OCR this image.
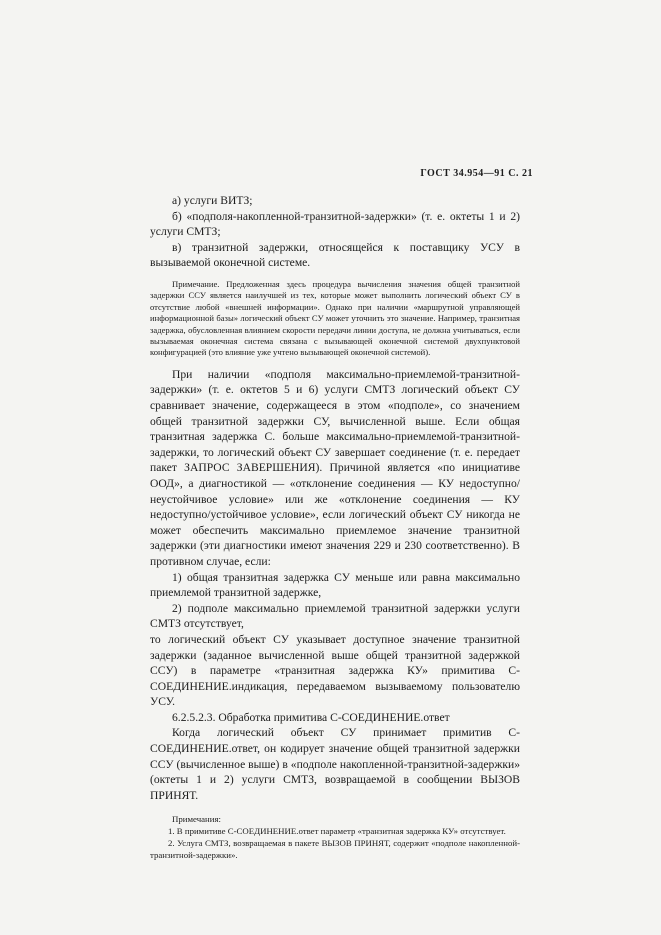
ГОСТ 34.954—91 С. 21

а) услуги ВИТЗ;

б) «подполя-накопленной-транзитной-задержки» (т. е. октеты 1 и 2) услуги СМТЗ;

в) транзитной задержки, относящейся к поставщику УСУ в вызываемой оконечной системе.

Примечание. Предложенная здесь процедура вычисления значения общей транзитной задержки ССУ является наилучшей из тех, которые может выполнить логический объект СУ в отсутствие любой «внешней информации». Однако при наличии «маршрутной управляющей информационной базы» логический объект СУ может уточнить это значение. Например, транзитная задержка, обусловленная влиянием скорости передачи линии доступа, не должна учитываться, если вызываемая оконечная система связана с вызывающей оконечной системой двухпунктовой конфигурацией (это влияние уже учтено вызывающей оконечной системой).

При наличии «подполя максимально-приемлемой-транзитной-задержки» (т. е. октетов 5 и 6) услуги СМТЗ логический объект СУ сравнивает значение, содержащееся в этом «подполе», со значением общей транзитной задержки СУ, вычисленной выше. Если общая транзитная задержка С. больше максимально-приемлемой-транзитной-задержки, то логический объект СУ завершает соединение (т. е. передает пакет ЗАПРОС ЗАВЕРШЕНИЯ). Причиной является «по инициативе ООД», а диагностикой — «отклонение соединения — КУ недоступно/неустойчивое условие» или же «отклонение соединения — КУ недоступно/устойчивое условие», если логический объект СУ никогда не может обеспечить максимально приемлемое значение транзитной задержки (эти диагностики имеют значения 229 и 230 соответственно). В противном случае, если:

1) общая транзитная задержка СУ меньше или равна максимально приемлемой транзитной задержке,

2) подполе максимально приемлемой транзитной задержки услуги СМТЗ отсутствует,

то логический объект СУ указывает доступное значение транзитной задержки (заданное вычисленной выше общей транзитной задержкой ССУ) в параметре «транзитная задержка КУ» примитива С-СОЕДИНЕНИЕ.индикация, передаваемом вызываемому пользователю УСУ.

6.2.5.2.3. Обработка примитива С-СОЕДИНЕНИЕ.ответ

Когда логический объект СУ принимает примитив С-СОЕДИНЕНИЕ.ответ, он кодирует значение общей транзитной задержки ССУ (вычисленное выше) в «подполе накопленной-транзитной-задержки» (октеты 1 и 2) услуги СМТЗ, возвращаемой в сообщении ВЫЗОВ ПРИНЯТ.

Примечания:

1. В примитиве С-СОЕДИНЕНИЕ.ответ параметр «транзитная задержка КУ» отсутствует.

2. Услуга СМТЗ, возвращаемая в пакете ВЫЗОВ ПРИНЯТ, содержит «подполе накопленной-транзитной-задержки».
